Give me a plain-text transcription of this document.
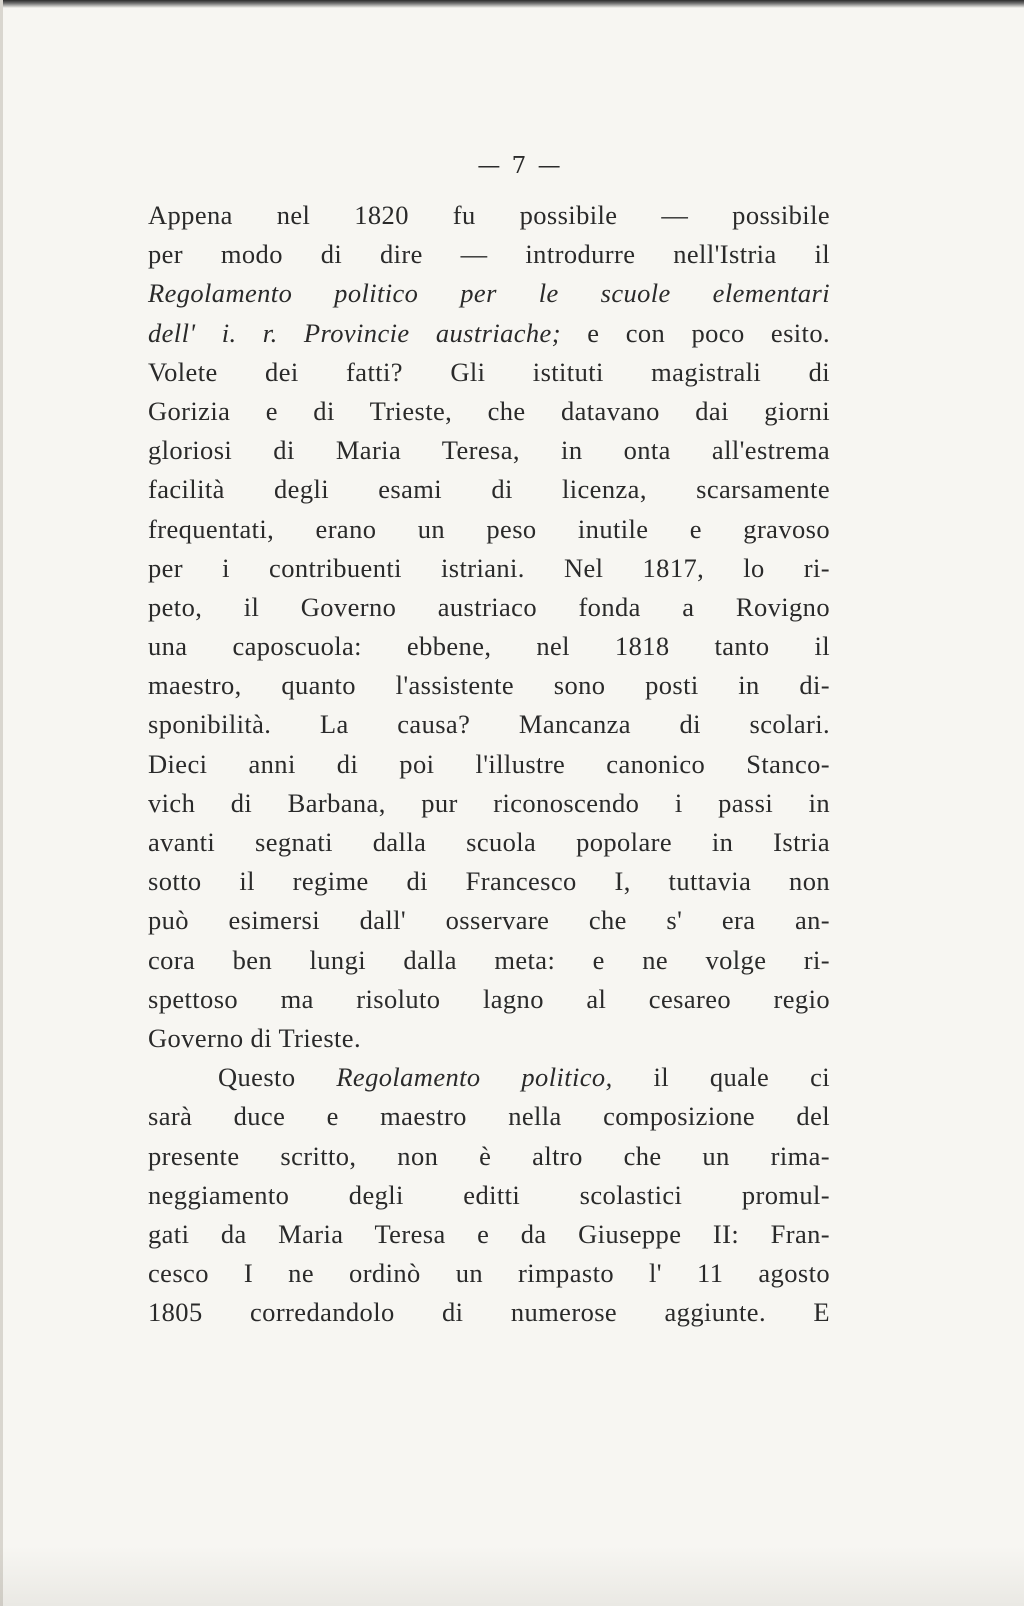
— 7 —
Appena nel 1820 fu possibile — possibile
per modo di dire — introdurre nell'Istria il
Regolamento politico per le scuole elementari
dell' i. r. Provincie austriache; e con poco esito.
Volete dei fatti? Gli istituti magistrali di
Gorizia e di Trieste, che datavano dai giorni
gloriosi di Maria Teresa, in onta all'estrema
facilità degli esami di licenza, scarsamente
frequentati, erano un peso inutile e gravoso
per i contribuenti istriani. Nel 1817, lo ri-
peto, il Governo austriaco fonda a Rovigno
una caposcuola: ebbene, nel 1818 tanto il
maestro, quanto l'assistente sono posti in di-
sponibilità. La causa? Mancanza di scolari.
Dieci anni di poi l'illustre canonico Stanco-
vich di Barbana, pur riconoscendo i passi in
avanti segnati dalla scuola popolare in Istria
sotto il regime di Francesco I, tuttavia non
può esimersi dall' osservare che s' era an-
cora ben lungi dalla meta: e ne volge ri-
spettoso ma risoluto lagno al cesareo regio
Governo di Trieste.
Questo Regolamento politico, il quale ci
sarà duce e maestro nella composizione del
presente scritto, non è altro che un rima-
neggiamento degli editti scolastici promul-
gati da Maria Teresa e da Giuseppe II: Fran-
cesco I ne ordinò un rimpasto l' 11 agosto
1805 corredandolo di numerose aggiunte. E
